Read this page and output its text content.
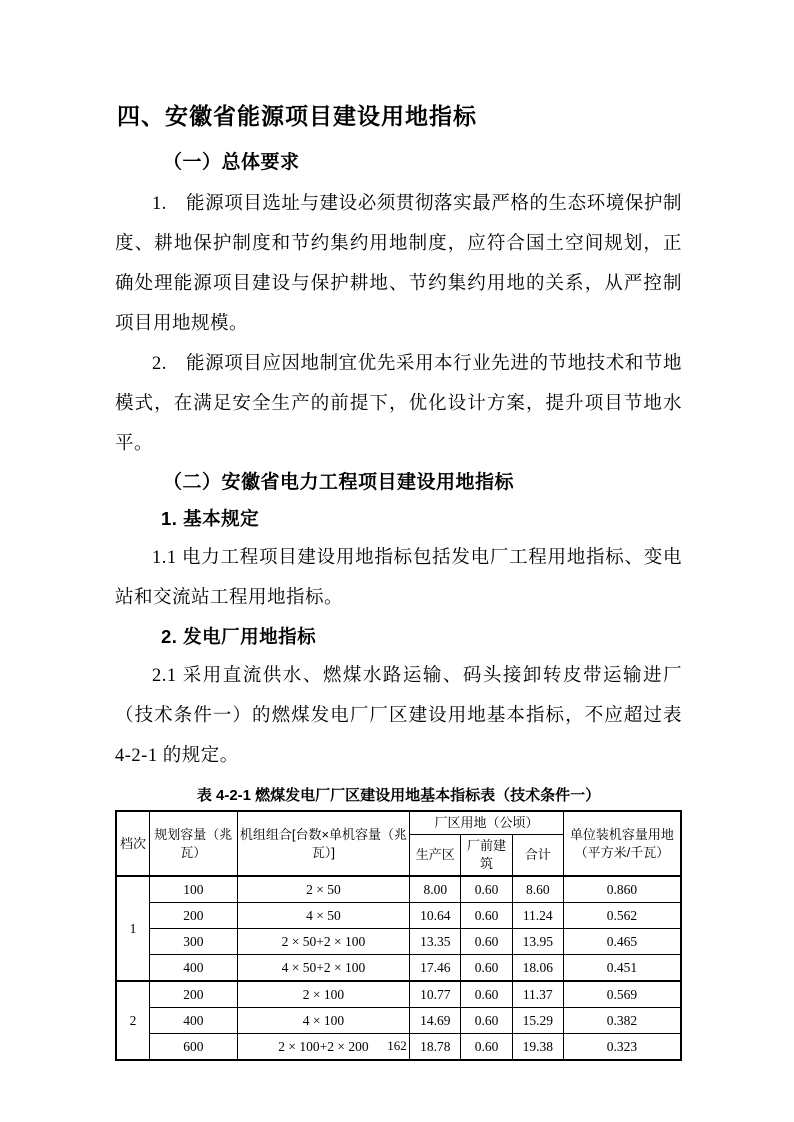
四、安徽省能源项目建设用地指标
（一）总体要求

1.　能源项目选址与建设必须贯彻落实最严格的生态环境保护制度、耕地保护制度和节约集约用地制度，应符合国土空间规划，正确处理能源项目建设与保护耕地、节约集约用地的关系，从严控制项目用地规模。

2.　能源项目应因地制宜优先采用本行业先进的节地技术和节地模式，在满足安全生产的前提下，优化设计方案，提升项目节地水平。

（二）安徽省电力工程项目建设用地指标
1. 基本规定

1.1 电力工程项目建设用地指标包括发电厂工程用地指标、变电站和交流站工程用地指标。

2. 发电厂用地指标

2.1 采用直流供水、燃煤水路运输、码头接卸转皮带运输进厂（技术条件一）的燃煤发电厂厂区建设用地基本指标，不应超过表 4-2-1 的规定。

表 4-2-1 燃煤发电厂厂区建设用地基本指标表（技术条件一）
档次	规划容量（兆瓦）	机组组合[台数×单机容量（兆瓦）]	厂区用地（公顷）			单位装机容量用地（平方米/千瓦）
			生产区	厂前建筑	合计	
1	100	2 × 50	8.00	0.60	8.60	0.860
	200	4 × 50	10.64	0.60	11.24	0.562
	300	2 × 50+2 × 100	13.35	0.60	13.95	0.465
	400	4 × 50+2 × 100	17.46	0.60	18.06	0.451
2	200	2 × 100	10.77	0.60	11.37	0.569
	400	4 × 100	14.69	0.60	15.29	0.382
	600	2 × 100+2 × 200	18.78	0.60	19.38	0.323
162
